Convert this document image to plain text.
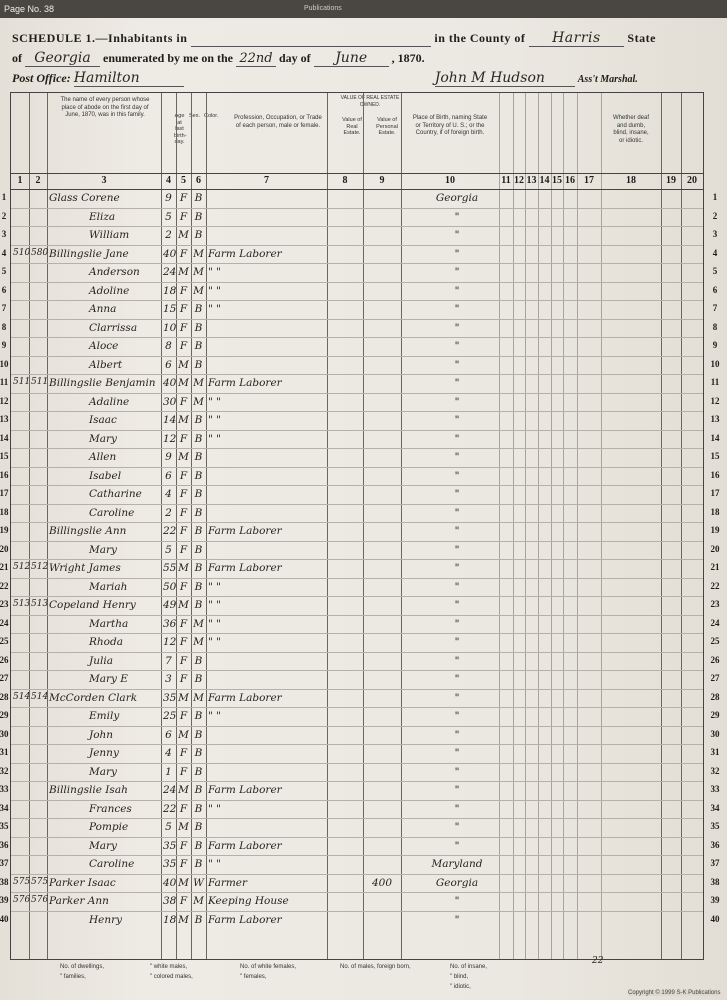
Page No. 38	Publications
SCHEDULE 1.—Inhabitants in	in the County of Harris State
of Georgia enumerated by me on the 22nd day of June , 1870.
Post Office: Hamilton	John M Hudson	Ass't Marshal.
The name of every person whose place of abode on the first day of June, 1870, was in this family.	Age at last birth-day.
Sex. Color.	Profession, Occupation, or Trade of each person, male or female.
VALUE OF REAL ESTATE OWNED.
Value of Real Estate.
Value of Personal Estate.
Place of Birth, naming State or Territory of U. S.; or the Country, if of foreign birth.
Whether deaf and dumb, blind, insane, or idiotic.
1	2	3	4	5	6	7	8	9	10	11 12 13 14 15 16 17	18	19	20
Glass Corene	9 F B	Georgia
Eliza	5 F B	"
William	2 M B	"
510 580 Billingslie Jane	40 F M Farm Laborer	"
Anderson	24 M M " "	"
Adoline	18 F M " "	"
Anna	15 F B " "	"
Clarrissa	10 F B	"
Aloce	8 F B	"
Albert	6 M B	"
511 511 Billingslie Benjamin 40 M M Farm Laborer	"
Adaline	30 F M " "	"
Isaac	14 M B " "	"
Mary	12 F B " "	"
Allen	9 M B	"
Isabel	6 F B	"
Catharine	4 F B	"
Caroline	2 F B	"
Billingslie Ann	22 F B Farm Laborer	"
Mary	5 F B	"
512 512 Wright James	55 M B Farm Laborer	"
Mariah	50 F B " "	"
513 513 Copeland Henry	49 M B " "	"
Martha	36 F M " "	"
Rhoda	12 F M " "	"
Julia	7 F B	"
Mary E	3 F B	"
514 514 McCorden Clark	35 M M Farm Laborer	"
Emily	25 F B " "	"
John	6 M B	"
Jenny	4 F B	"
Mary	1 F B	"
Billingslie Isah	24 M B Farm Laborer	"
Frances	22 F B " "	"
Pompie	5 M B	"
Mary	35 F B Farm Laborer	"
Caroline	35 F B " "	Maryland
575 575 Parker Isaac	40 M W Farmer	400	Georgia
576 576 Parker Ann	38 F M Keeping House	"
Henry	18 M B Farm Laborer	"
No. of dwellings,
" families,
" white males,
" colored males,
No. of white females,
" females,
No. of males, foreign born,	No. of insane,
" blind,
" idiotic,
22
Copyright © 1999 S-K Publications
1	1
2	2
3	3
4	4
5	5
6	6
7	7
8	8
9	9
10	10
11	11
12	12
13	13
14	14
15	15
16	16
17	17
18	18
19	19
20	20
21	21
22	22
23	23
24	24
25	25
26	26
27	27
28	28
29	29
30	30
31	31
32	32
33	33
34	34
35	35
36	36
37	37
38	38
39	39
40	40
